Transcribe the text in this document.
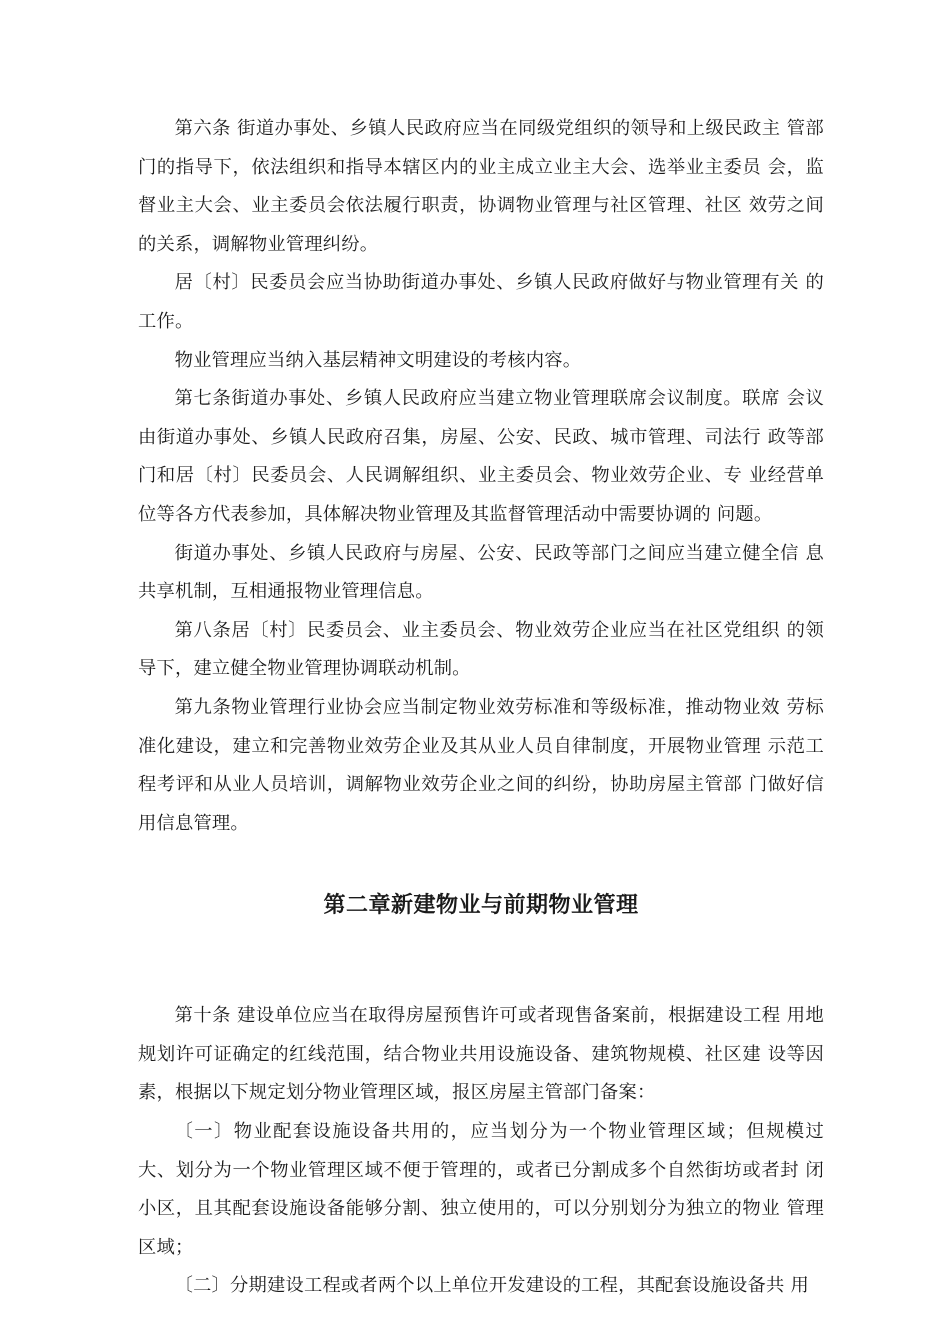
第六条 街道办事处、乡镇人民政府应当在同级党组织的领导和上级民政主 管部门的指导下，依法组织和指导本辖区内的业主成立业主大会、选举业主委员 会，监督业主大会、业主委员会依法履行职责，协调物业管理与社区管理、社区 效劳之间的关系，调解物业管理纠纷。

居〔村〕民委员会应当协助街道办事处、乡镇人民政府做好与物业管理有关 的工作。

物业管理应当纳入基层精神文明建设的考核内容。

第七条街道办事处、乡镇人民政府应当建立物业管理联席会议制度。联席 会议由街道办事处、乡镇人民政府召集，房屋、公安、民政、城市管理、司法行 政等部门和居〔村〕民委员会、人民调解组织、业主委员会、物业效劳企业、专 业经营单位等各方代表参加，具体解决物业管理及其监督管理活动中需要协调的 问题。

街道办事处、乡镇人民政府与房屋、公安、民政等部门之间应当建立健全信 息共享机制，互相通报物业管理信息。

第八条居〔村〕民委员会、业主委员会、物业效劳企业应当在社区党组织 的领导下，建立健全物业管理协调联动机制。

第九条物业管理行业协会应当制定物业效劳标准和等级标准，推动物业效 劳标准化建设，建立和完善物业效劳企业及其从业人员自律制度，开展物业管理 示范工程考评和从业人员培训，调解物业效劳企业之间的纠纷，协助房屋主管部 门做好信用信息管理。

第二章新建物业与前期物业管理

第十条 建设单位应当在取得房屋预售许可或者现售备案前，根据建设工程 用地规划许可证确定的红线范围，结合物业共用设施设备、建筑物规模、社区建 设等因素，根据以下规定划分物业管理区域，报区房屋主管部门备案：

〔一〕物业配套设施设备共用的，应当划分为一个物业管理区域；但规模过 大、划分为一个物业管理区域不便于管理的，或者已分割成多个自然街坊或者封 闭小区，且其配套设施设备能够分割、独立使用的，可以分别划分为独立的物业 管理区域；

〔二〕分期建设工程或者两个以上单位开发建设的工程，其配套设施设备共 用
